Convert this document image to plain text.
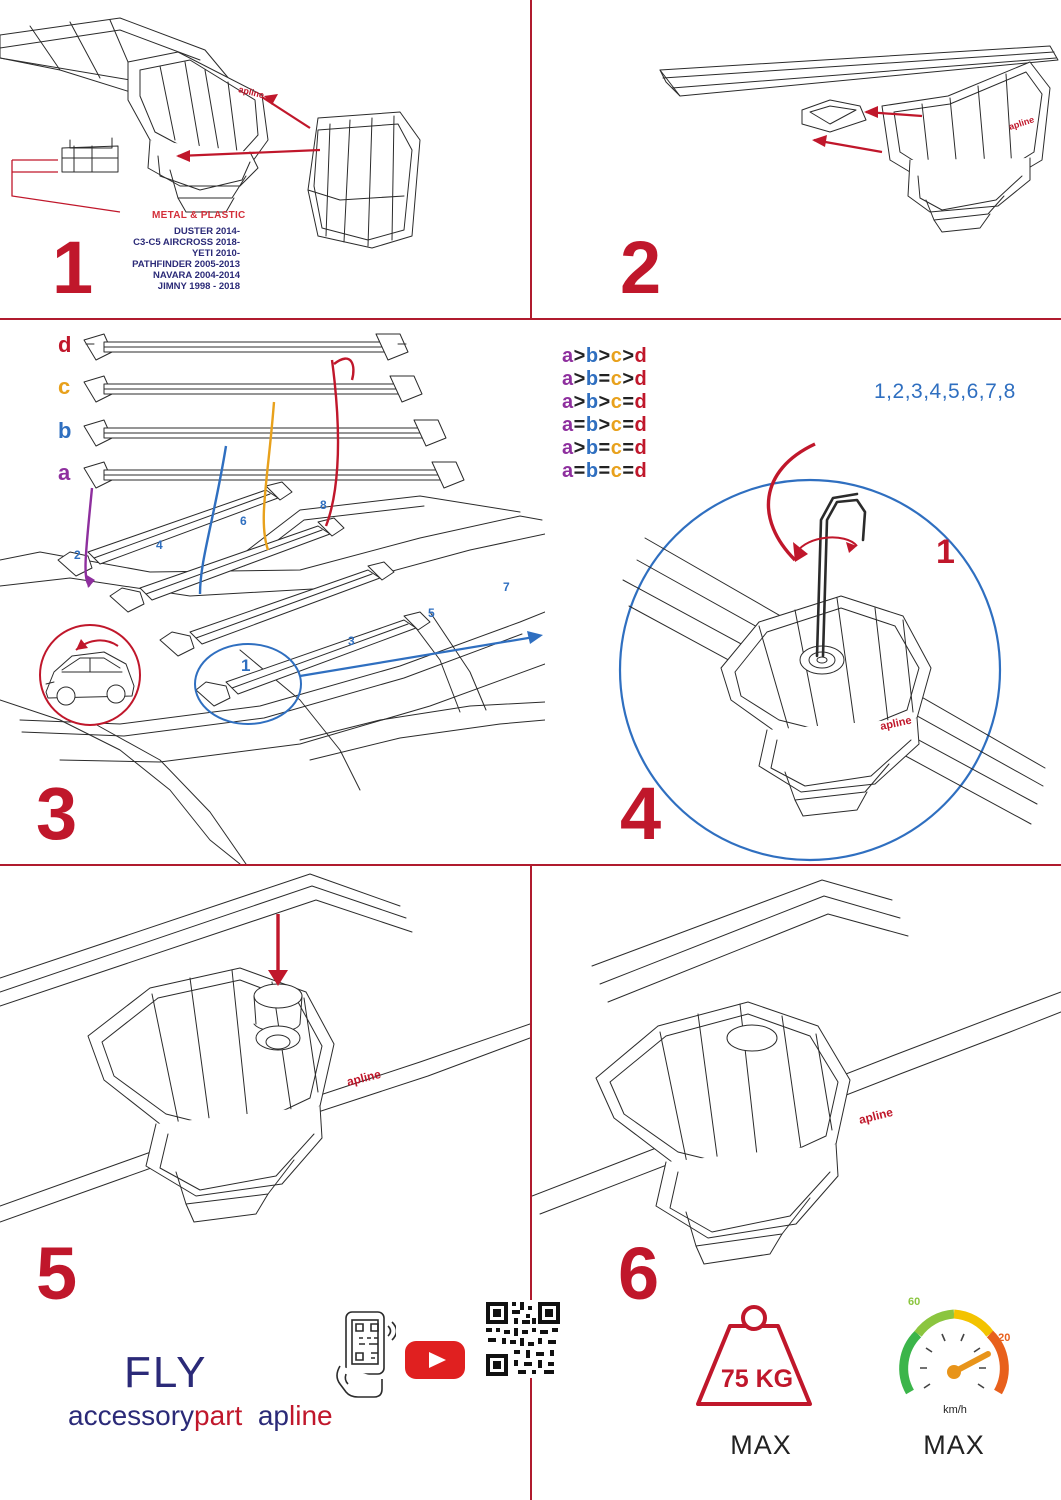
apline
METAL & PLASTIC
DUSTER 2014-
C3-C5 AIRCROSS 2018-
YETI 2010-
PATHFINDER 2005-2013
NAVARA 2004-2014
JIMNY 1998 - 2018
1
apline
2
d
c
b
a
a>b>c>d
a>b=c>d
a>b>c=d
a=b>c=d
a>b=c=d
a=b=c=d
1,2,3,4,5,6,7,8
2
4
6
8
7
5
3
1
3
apline
1
4
apline
5
FLY
accessorypart apline
apline
6
75 KG
MAX
60
120
km/h
MAX
